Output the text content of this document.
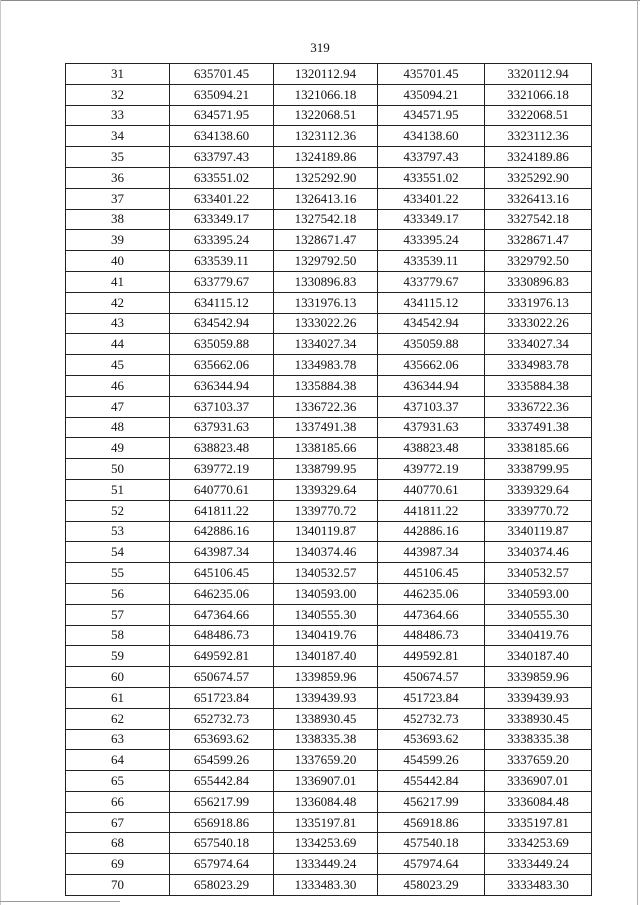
319
31	635701.45	1320112.94	435701.45	3320112.94
32	635094.21	1321066.18	435094.21	3321066.18
33	634571.95	1322068.51	434571.95	3322068.51
34	634138.60	1323112.36	434138.60	3323112.36
35	633797.43	1324189.86	433797.43	3324189.86
36	633551.02	1325292.90	433551.02	3325292.90
37	633401.22	1326413.16	433401.22	3326413.16
38	633349.17	1327542.18	433349.17	3327542.18
39	633395.24	1328671.47	433395.24	3328671.47
40	633539.11	1329792.50	433539.11	3329792.50
41	633779.67	1330896.83	433779.67	3330896.83
42	634115.12	1331976.13	434115.12	3331976.13
43	634542.94	1333022.26	434542.94	3333022.26
44	635059.88	1334027.34	435059.88	3334027.34
45	635662.06	1334983.78	435662.06	3334983.78
46	636344.94	1335884.38	436344.94	3335884.38
47	637103.37	1336722.36	437103.37	3336722.36
48	637931.63	1337491.38	437931.63	3337491.38
49	638823.48	1338185.66	438823.48	3338185.66
50	639772.19	1338799.95	439772.19	3338799.95
51	640770.61	1339329.64	440770.61	3339329.64
52	641811.22	1339770.72	441811.22	3339770.72
53	642886.16	1340119.87	442886.16	3340119.87
54	643987.34	1340374.46	443987.34	3340374.46
55	645106.45	1340532.57	445106.45	3340532.57
56	646235.06	1340593.00	446235.06	3340593.00
57	647364.66	1340555.30	447364.66	3340555.30
58	648486.73	1340419.76	448486.73	3340419.76
59	649592.81	1340187.40	449592.81	3340187.40
60	650674.57	1339859.96	450674.57	3339859.96
61	651723.84	1339439.93	451723.84	3339439.93
62	652732.73	1338930.45	452732.73	3338930.45
63	653693.62	1338335.38	453693.62	3338335.38
64	654599.26	1337659.20	454599.26	3337659.20
65	655442.84	1336907.01	455442.84	3336907.01
66	656217.99	1336084.48	456217.99	3336084.48
67	656918.86	1335197.81	456918.86	3335197.81
68	657540.18	1334253.69	457540.18	3334253.69
69	657974.64	1333449.24	457974.64	3333449.24
70	658023.29	1333483.30	458023.29	3333483.30
